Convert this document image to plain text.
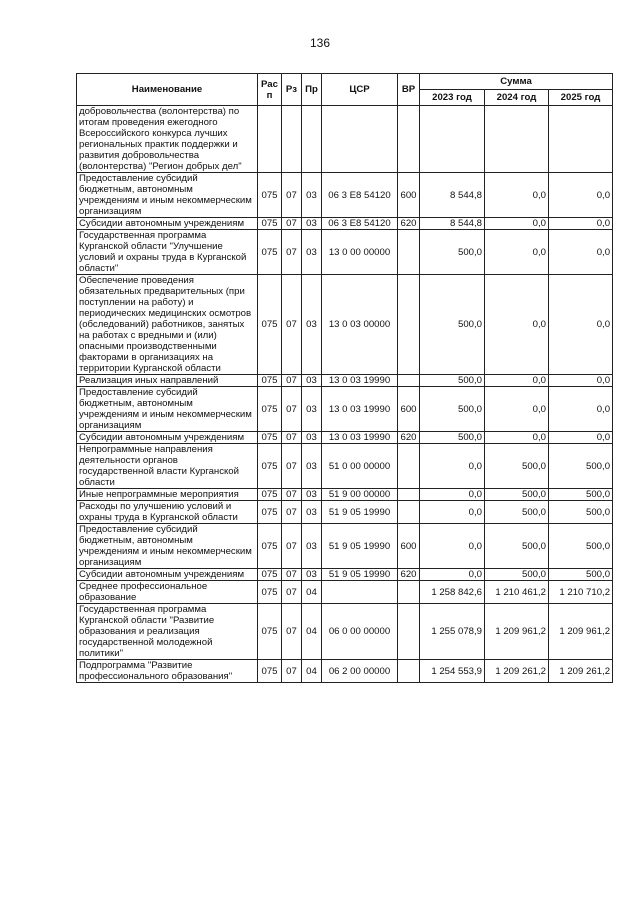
136
Наименование	Рас п	Рз	Пр	ЦСР	ВР	Сумма		
						2023 год	2024 год	2025 год
добровольчества (волонтерства) по итогам проведения ежегодного Всероссийского конкурса лучших региональных практик поддержки и развития добровольчества (волонтерства) "Регион добрых дел"								
Предоставление субсидий бюджетным, автономным учреждениям и иным некоммерческим организациям	075	07	03	06 3 Е8 54120	600	8 544,8	0,0	0,0
Субсидии автономным учреждениям	075	07	03	06 3 Е8 54120	620	8 544,8	0,0	0,0
Государственная программа Курганской области "Улучшение условий и охраны труда в Курганской области"	075	07	03	13 0 00 00000		500,0	0,0	0,0
Обеспечение проведения обязательных предварительных (при поступлении на работу) и периодических медицинских осмотров (обследований) работников, занятых на работах с вредными и (или) опасными производственными факторами в организациях на территории Курганской области	075	07	03	13 0 03 00000		500,0	0,0	0,0
Реализация иных направлений	075	07	03	13 0 03 19990		500,0	0,0	0,0
Предоставление субсидий бюджетным, автономным учреждениям и иным некоммерческим организациям	075	07	03	13 0 03 19990	600	500,0	0,0	0,0
Субсидии автономным учреждениям	075	07	03	13 0 03 19990	620	500,0	0,0	0,0
Непрограммные направления деятельности органов государственной власти Курганской области	075	07	03	51 0 00 00000		0,0	500,0	500,0
Иные непрограммные мероприятия	075	07	03	51 9 00 00000		0,0	500,0	500,0
Расходы по улучшению условий и охраны труда в Курганской области	075	07	03	51 9 05 19990		0,0	500,0	500,0
Предоставление субсидий бюджетным, автономным учреждениям и иным некоммерческим организациям	075	07	03	51 9 05 19990	600	0,0	500,0	500,0
Субсидии автономным учреждениям	075	07	03	51 9 05 19990	620	0,0	500,0	500,0
Среднее профессиональное образование	075	07	04			1 258 842,6	1 210 461,2	1 210 710,2
Государственная программа Курганской области "Развитие образования и реализация государственной молодежной политики"	075	07	04	06 0 00 00000		1 255 078,9	1 209 961,2	1 209 961,2
Подпрограмма "Развитие профессионального образования"	075	07	04	06 2 00 00000		1 254 553,9	1 209 261,2	1 209 261,2
